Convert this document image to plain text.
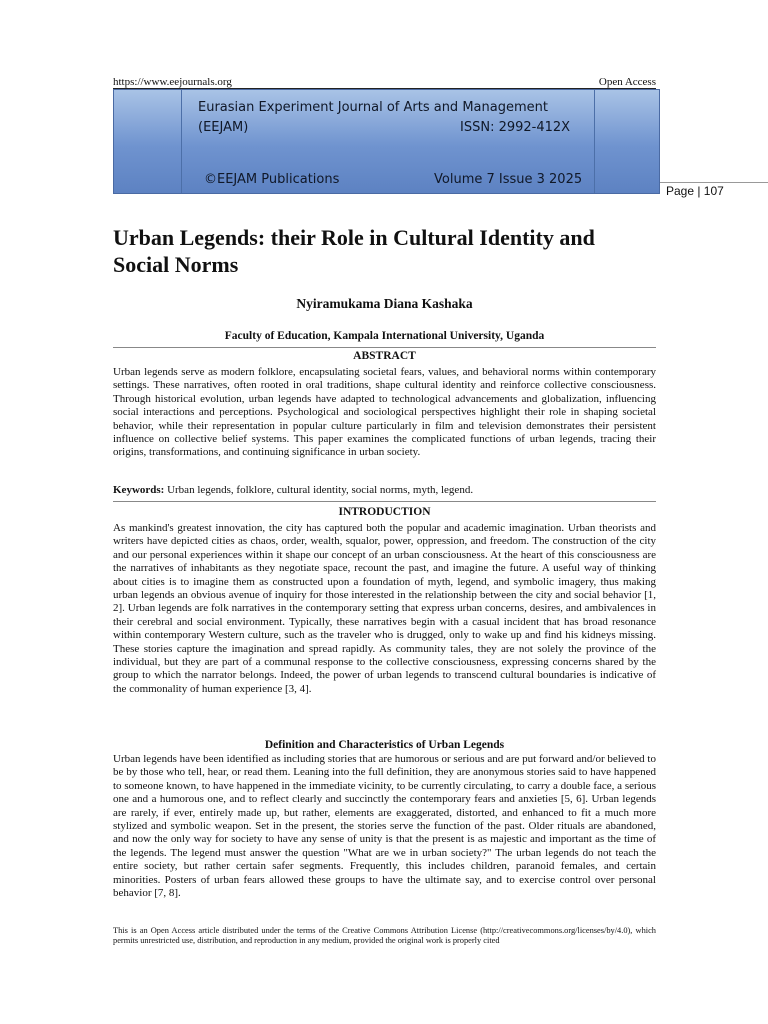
https://www.eejournals.org	Open Access
Eurasian Experiment Journal of Arts and Management
(EEJAM)	ISSN: 2992-412X
©EEJAM Publications	Volume 7 Issue 3 2025
Page | 107
Urban Legends: their Role in Cultural Identity and Social Norms
Nyiramukama Diana Kashaka
Faculty of Education, Kampala International University, Uganda
ABSTRACT

Urban legends serve as modern folklore, encapsulating societal fears, values, and behavioral norms within contemporary settings. These narratives, often rooted in oral traditions, shape cultural identity and reinforce collective consciousness. Through historical evolution, urban legends have adapted to technological advancements and globalization, influencing social interactions and perceptions. Psychological and sociological perspectives highlight their role in shaping societal behavior, while their representation in popular culture particularly in film and television demonstrates their persistent influence on collective belief systems. This paper examines the complicated functions of urban legends, tracing their origins, transformations, and continuing significance in urban society.

Keywords: Urban legends, folklore, cultural identity, social norms, myth, legend.

INTRODUCTION

As mankind's greatest innovation, the city has captured both the popular and academic imagination. Urban theorists and writers have depicted cities as chaos, order, wealth, squalor, power, oppression, and freedom. The construction of the city and our personal experiences within it shape our concept of an urban consciousness. At the heart of this consciousness are the narratives of inhabitants as they negotiate space, recount the past, and imagine the future. A useful way of thinking about cities is to imagine them as constructed upon a foundation of myth, legend, and symbolic imagery, thus making urban legends an obvious avenue of inquiry for those interested in the relationship between the city and social behavior [1, 2]. Urban legends are folk narratives in the contemporary setting that express urban concerns, desires, and ambivalences in their cerebral and social environment. Typically, these narratives begin with a casual incident that has broad resonance within contemporary Western culture, such as the traveler who is drugged, only to wake up and find his kidneys missing. These stories capture the imagination and spread rapidly. As community tales, they are not solely the province of the individual, but they are part of a communal response to the collective consciousness, expressing concerns shared by the group to which the narrator belongs. Indeed, the power of urban legends to transcend cultural boundaries is indicative of the commonality of human experience [3, 4].

Definition and Characteristics of Urban Legends

Urban legends have been identified as including stories that are humorous or serious and are put forward and/or believed to be by those who tell, hear, or read them. Leaning into the full definition, they are anonymous stories said to have happened to someone known, to have happened in the immediate vicinity, to be currently circulating, to carry a double face, a serious one and a humorous one, and to reflect clearly and succinctly the contemporary fears and anxieties [5, 6]. Urban legends are rarely, if ever, entirely made up, but rather, elements are exaggerated, distorted, and enhanced to fit a much more stylized and symbolic weapon. Set in the present, the stories serve the function of the past. Older rituals are abandoned, and now the only way for society to have any sense of unity is that the present is as majestic and important as the time of the legends. The legend must answer the question "What are we in urban society?" The urban legends do not teach the entire society, but rather certain safer segments. Frequently, this includes children, paranoid females, and certain minorities. Posters of urban fears allowed these groups to have the ultimate say, and to exercise control over personal behavior [7, 8].

This is an Open Access article distributed under the terms of the Creative Commons Attribution License (http://creativecommons.org/licenses/by/4.0), which permits unrestricted use, distribution, and reproduction in any medium, provided the original work is properly cited
